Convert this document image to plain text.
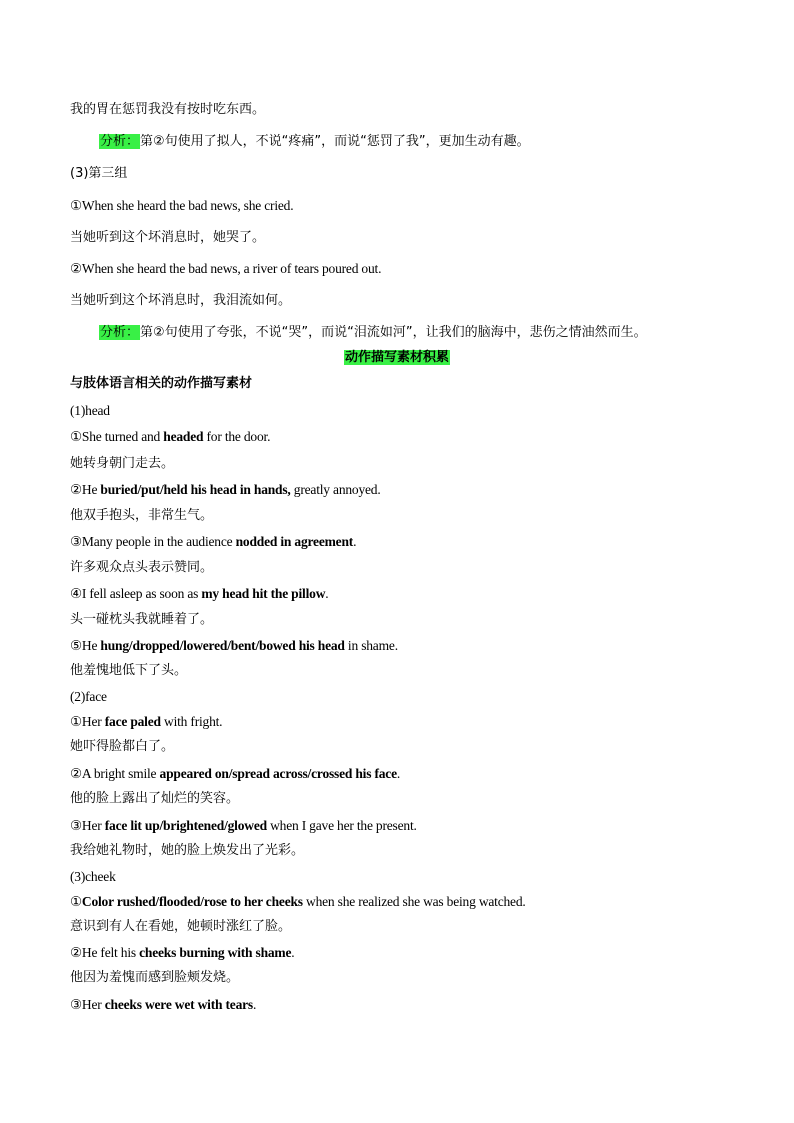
我的胃在惩罚我没有按时吃东西。
分析：第②句使用了拟人，不说“疼痛”，而说“惩罚了我”，更加生动有趣。
(3)第三组
①When she heard the bad news, she cried.
当她听到这个坏消息时，她哭了。
②When she heard the bad news, a river of tears poured out.
当她听到这个坏消息时，我泪流如何。
分析：第②句使用了夸张，不说“哭”，而说“泪流如河”，让我们的脑海中，悲伤之情油然而生。
动作描写素材积累
与肢体语言相关的动作描写素材
(1)head
①She turned and headed for the door.
她转身朝门走去。
②He buried/put/held his head in hands, greatly annoyed.
他双手抱头，非常生气。
③Many people in the audience nodded in agreement.
许多观众点头表示赞同。
④I fell asleep as soon as my head hit the pillow.
头一碰枕头我就睡着了。
⑤He hung/dropped/lowered/bent/bowed his head in shame.
他羞愧地低下了头。
(2)face
①Her face paled with fright.
她吓得脸都白了。
②A bright smile appeared on/spread across/crossed his face.
他的脸上露出了灿烂的笑容。
③Her face lit up/brightened/glowed when I gave her the present.
我给她礼物时，她的脸上焕发出了光彩。
(3)cheek
①Color rushed/flooded/rose to her cheeks when she realized she was being watched.
意识到有人在看她，她顿时涨红了脸。
②He felt his cheeks burning with shame.
他因为羞愧而感到脸颊发烧。
③Her cheeks were wet with tears.
